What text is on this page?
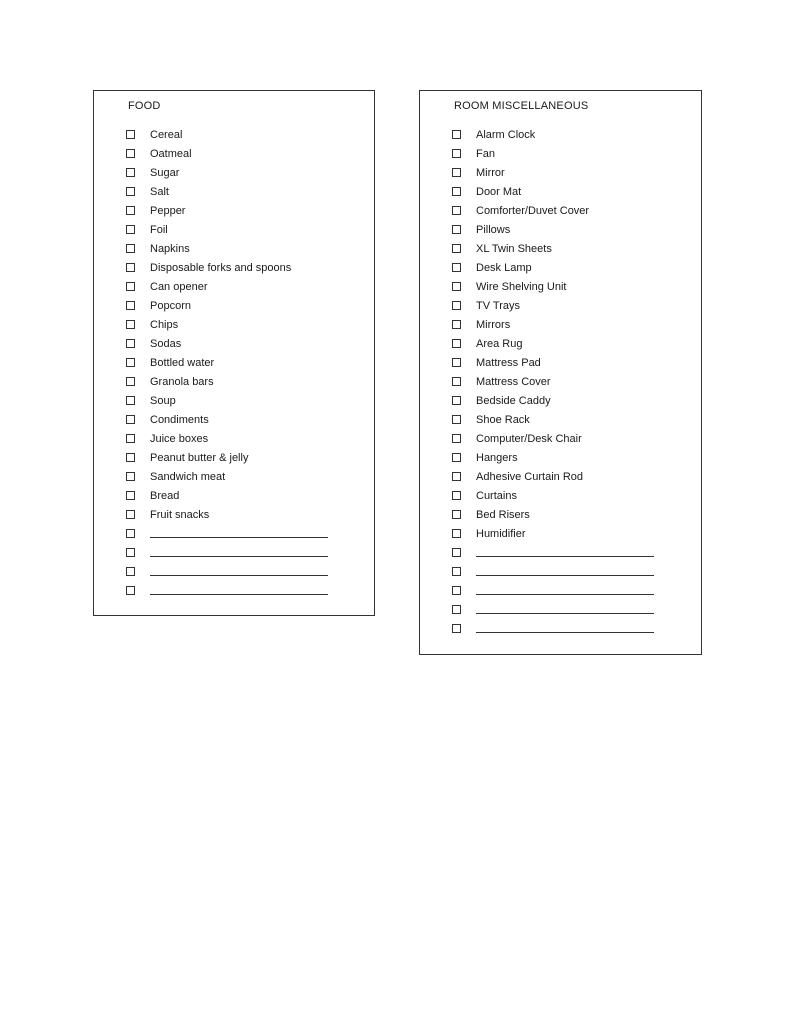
FOOD
Cereal
Oatmeal
Sugar
Salt
Pepper
Foil
Napkins
Disposable forks and spoons
Can opener
Popcorn
Chips
Sodas
Bottled water
Granola bars
Soup
Condiments
Juice boxes
Peanut butter & jelly
Sandwich meat
Bread
Fruit snacks
ROOM MISCELLANEOUS
Alarm Clock
Fan
Mirror
Door Mat
Comforter/Duvet Cover
Pillows
XL Twin Sheets
Desk Lamp
Wire Shelving Unit
TV Trays
Mirrors
Area Rug
Mattress Pad
Mattress Cover
Bedside Caddy
Shoe Rack
Computer/Desk Chair
Hangers
Adhesive Curtain Rod
Curtains
Bed Risers
Humidifier
